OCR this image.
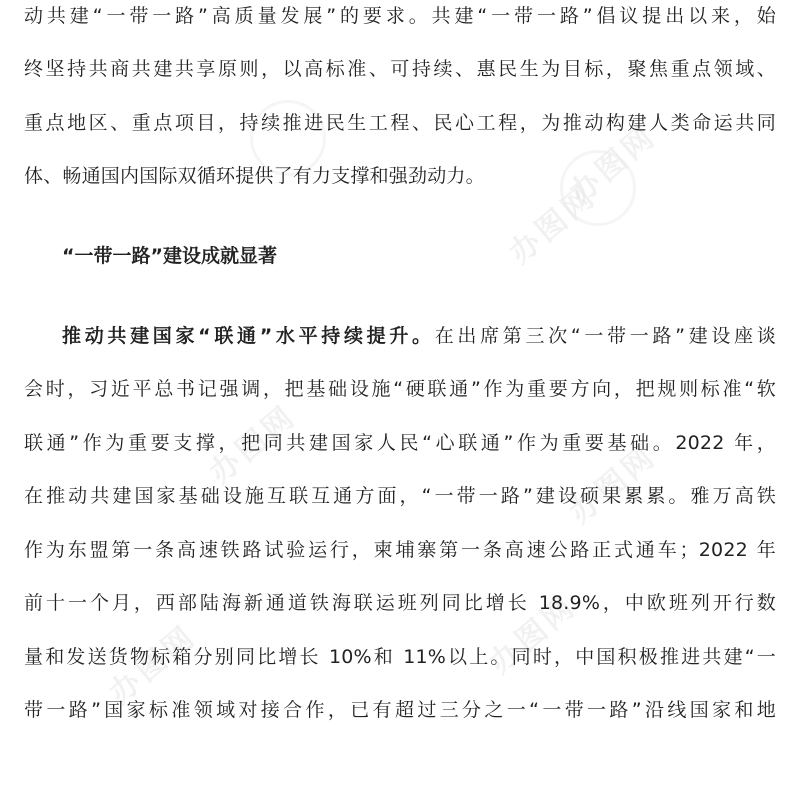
办图网
办图网
办图网	办图网
办图网	办图网
动共建“一带一路”高质量发展”的要求。共建“一带一路”倡议提出以来，始
终坚持共商共建共享原则，以高标准、可持续、惠民生为目标，聚焦重点领域、
重点地区、重点项目，持续推进民生工程、民心工程，为推动构建人类命运共同
体、畅通国内国际双循环提供了有力支撑和强劲动力。
“一带一路”建设成就显著
推动共建国家“联通”水平持续提升。在出席第三次“一带一路”建设座谈
会时，习近平总书记强调，把基础设施“硬联通”作为重要方向，把规则标准“软
联通”作为重要支撑，把同共建国家人民“心联通”作为重要基础。2022 年，
在推动共建国家基础设施互联互通方面，“一带一路”建设硕果累累。雅万高铁
作为东盟第一条高速铁路试验运行，柬埔寨第一条高速公路正式通车；2022 年
前十一个月，西部陆海新通道铁海联运班列同比增长 18.9%，中欧班列开行数
量和发送货物标箱分别同比增长 10%和 11%以上。同时，中国积极推进共建“一
带一路”国家标准领域对接合作，已有超过三分之一“一带一路”沿线国家和地
